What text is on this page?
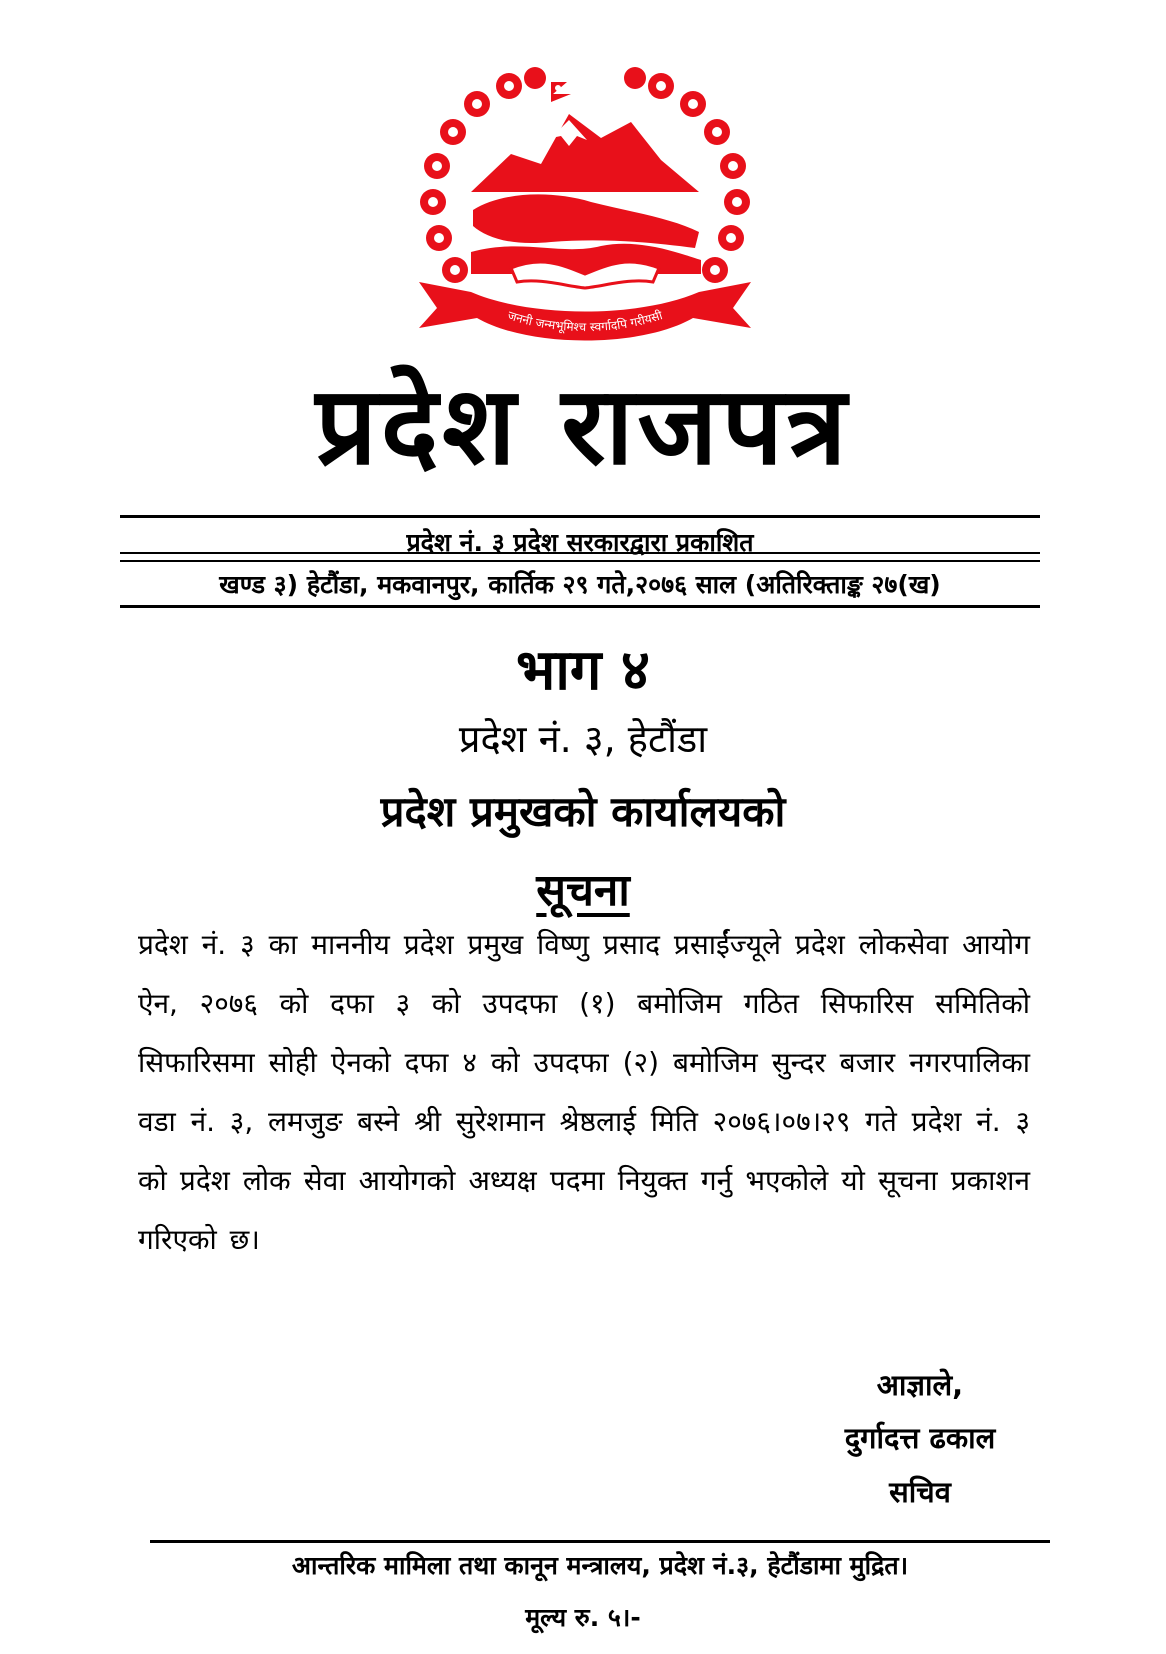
जननी जन्मभूमिश्च स्वर्गादपि गरीयसी
प्रदेश राजपत्र
प्रदेश नं. ३ प्रदेश सरकारद्वारा प्रकाशित
खण्ड ३) हेटौंडा, मकवानपुर, कार्तिक २९ गते,२०७६ साल (अतिरिक्ताङ्क २७(ख)
भाग ४
प्रदेश नं. ३, हेटौंडा
प्रदेश प्रमुखको कार्यालयको
सूचना
प्रदेश नं. ३ का माननीय प्रदेश प्रमुख विष्णु प्रसाद प्रसाईंज्यूले प्रदेश लोकसेवा आयोग ऐन, २०७६ को दफा ३ को उपदफा (१) बमोजिम गठित सिफारिस समितिको सिफारिसमा सोही ऐनको दफा ४ को उपदफा (२) बमोजिम सुन्दर बजार नगरपालिका वडा नं. ३, लमजुङ बस्ने श्री सुरेशमान श्रेष्ठलाई मिति २०७६।०७।२९ गते प्रदेश नं. ३ को प्रदेश लोक सेवा आयोगको अध्यक्ष पदमा नियुक्त गर्नु भएकोले यो सूचना प्रकाशन गरिएको छ।
आज्ञाले,
दुर्गादत्त ढकाल
सचिव
आन्तरिक मामिला तथा कानून मन्त्रालय, प्रदेश नं.३, हेटौंडामा मुद्रित।
मूल्य रु. ५।-
